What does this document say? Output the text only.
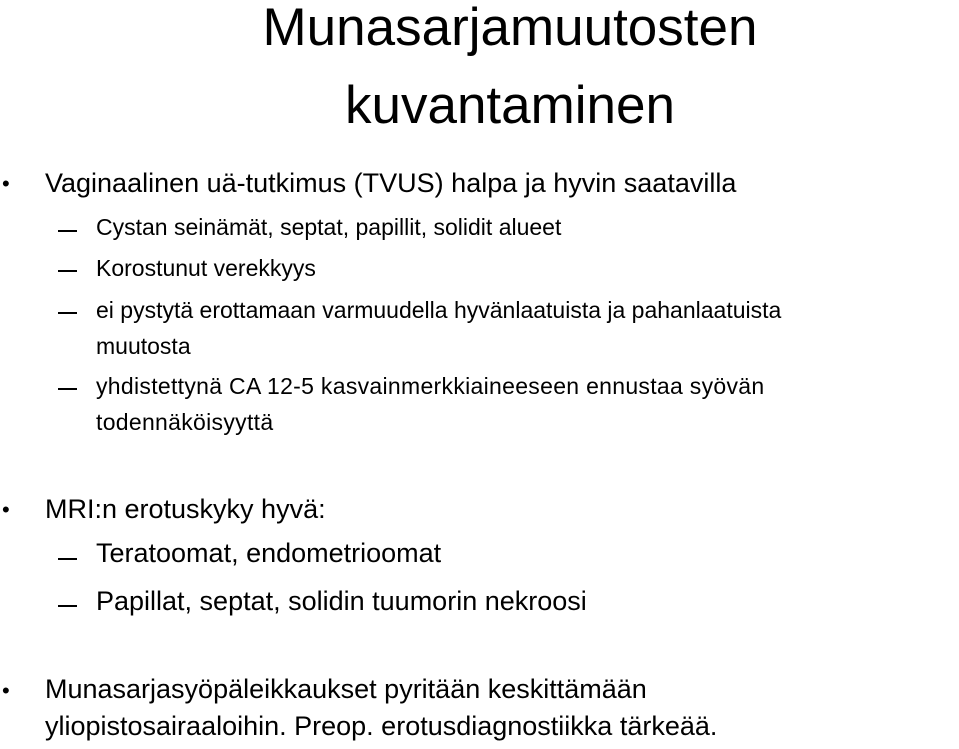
Munasarjamuutosten
kuvantaminen
• Vaginaalinen uä-tutkimus (TVUS) halpa ja hyvin saatavilla
Cystan seinämät, septat, papillit, solidit alueet
Korostunut verekkyys
ei pystytä erottamaan varmuudella hyvänlaatuista ja pahanlaatuista
muutosta
yhdistettynä CA 12-5 kasvainmerkkiaineeseen ennustaa syövän
todennäköisyyttä
• MRI:n erotuskyky hyvä:
Teratoomat, endometrioomat
Papillat, septat, solidin tuumorin nekroosi
• Munasarjasyöpäleikkaukset pyritään keskittämään
yliopistosairaaloihin. Preop. erotusdiagnostiikka tärkeää.
